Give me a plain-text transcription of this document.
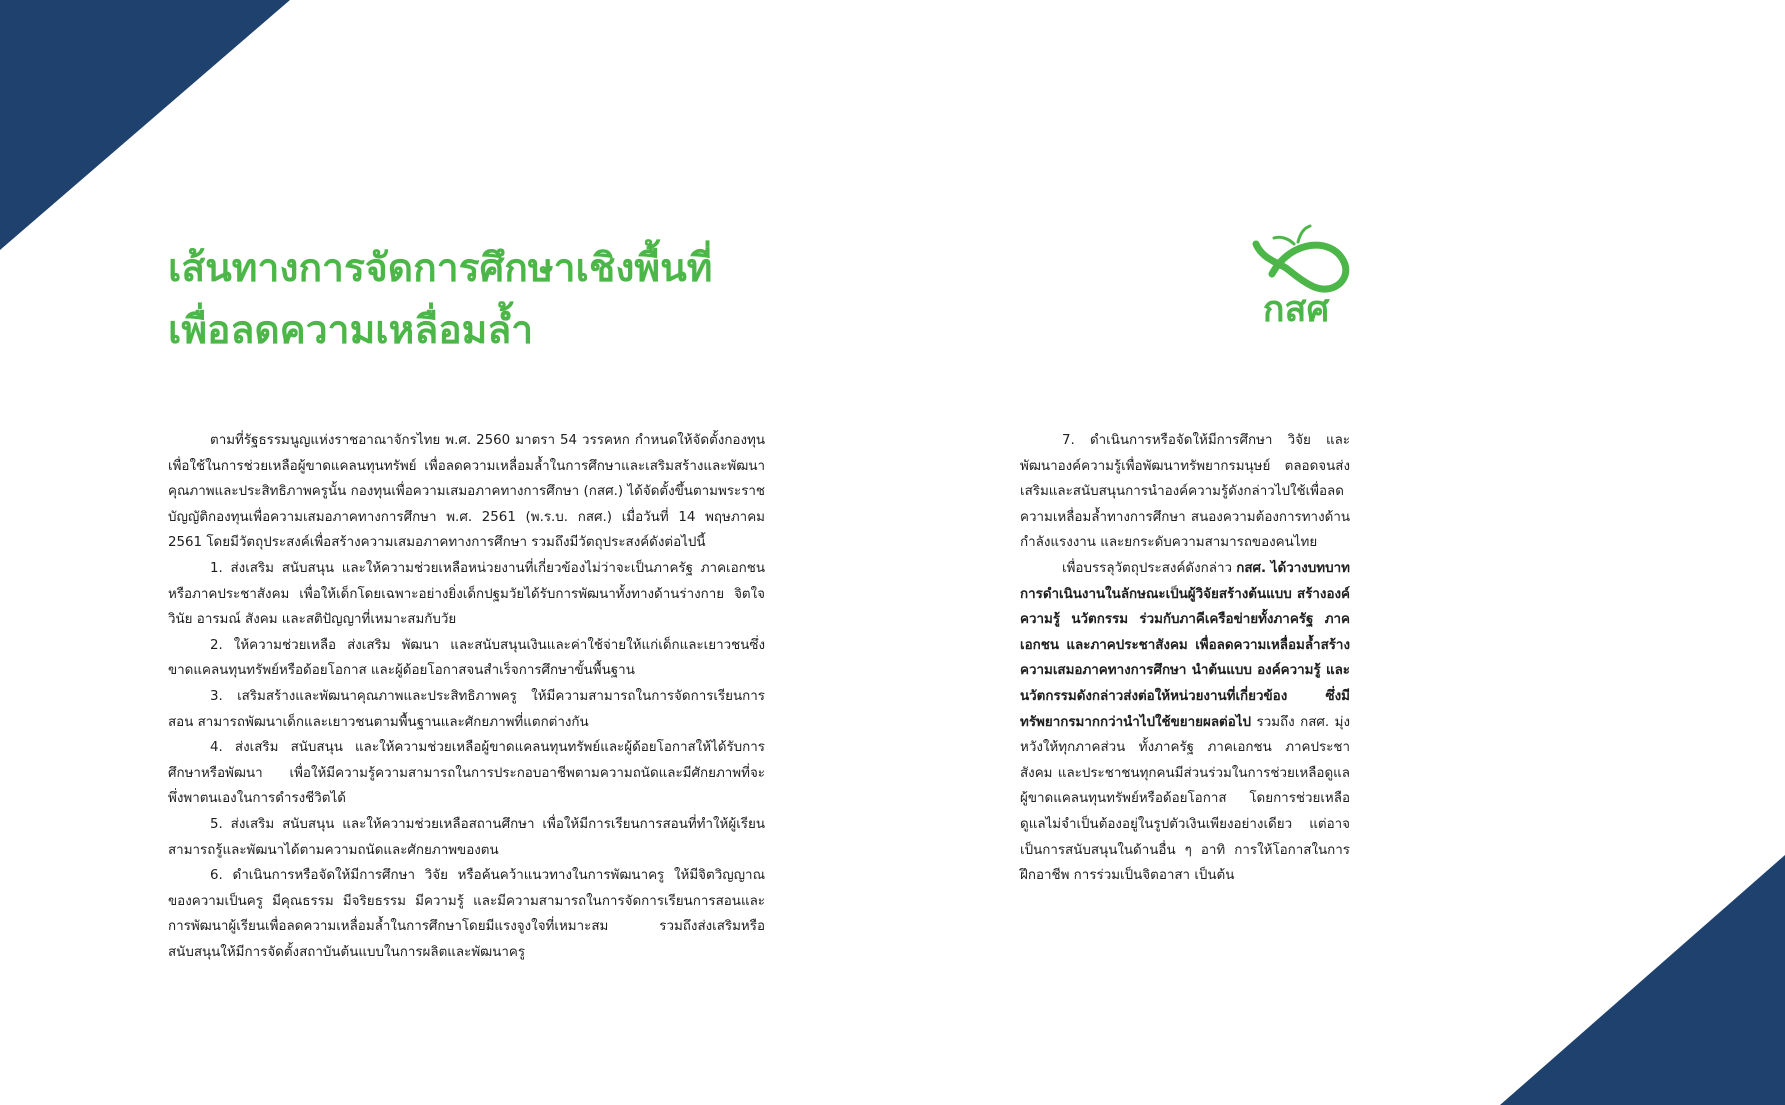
เส้นทางการจัดการศึกษาเชิงพื้นที่
เพื่อลดความเหลื่อมล้ำ	กสศ

ตามที่รัฐธรรมนูญแห่งราชอาณาจักรไทย พ.ศ. 2560 มาตรา 54 วรรคหก กำหนดให้จัดตั้งกองทุนเพื่อใช้ในการช่วยเหลือผู้ขาดแคลนทุนทรัพย์ เพื่อลดความเหลื่อมล้ำในการศึกษาและเสริมสร้างและพัฒนาคุณภาพและประสิทธิภาพครูนั้น กองทุนเพื่อความเสมอภาคทางการศึกษา (กสศ.) ได้จัดตั้งขึ้นตามพระราชบัญญัติกองทุนเพื่อความเสมอภาคทางการศึกษา พ.ศ. 2561 (พ.ร.บ. กสศ.) เมื่อวันที่ 14 พฤษภาคม 2561 โดยมีวัตถุประสงค์เพื่อสร้างความเสมอภาคทางการศึกษา รวมถึงมีวัตถุประสงค์ดังต่อไปนี้

1. ส่งเสริม สนับสนุน และให้ความช่วยเหลือหน่วยงานที่เกี่ยวข้องไม่ว่าจะเป็นภาครัฐ ภาคเอกชน หรือภาคประชาสังคม เพื่อให้เด็กโดยเฉพาะอย่างยิ่งเด็กปฐมวัยได้รับการพัฒนาทั้งทางด้านร่างกาย จิตใจ วินัย อารมณ์ สังคม และสติปัญญาที่เหมาะสมกับวัย

2. ให้ความช่วยเหลือ ส่งเสริม พัฒนา และสนับสนุนเงินและค่าใช้จ่ายให้แก่เด็กและเยาวชนซึ่งขาดแคลนทุนทรัพย์หรือด้อยโอกาส และผู้ด้อยโอกาสจนสำเร็จการศึกษาขั้นพื้นฐาน

3. เสริมสร้างและพัฒนาคุณภาพและประสิทธิภาพครู ให้มีความสามารถในการจัดการเรียนการสอน สามารถพัฒนาเด็กและเยาวชนตามพื้นฐานและศักยภาพที่แตกต่างกัน

4. ส่งเสริม สนับสนุน และให้ความช่วยเหลือผู้ขาดแคลนทุนทรัพย์และผู้ด้อยโอกาสให้ได้รับการศึกษาหรือพัฒนา เพื่อให้มีความรู้ความสามารถในการประกอบอาชีพตามความถนัดและมีศักยภาพที่จะพึ่งพาตนเองในการดำรงชีวิตได้

5. ส่งเสริม สนับสนุน และให้ความช่วยเหลือสถานศึกษา เพื่อให้มีการเรียนการสอนที่ทำให้ผู้เรียนสามารถรู้และพัฒนาได้ตามความถนัดและศักยภาพของตน

6. ดำเนินการหรือจัดให้มีการศึกษา วิจัย หรือค้นคว้าแนวทางในการพัฒนาครู ให้มีจิตวิญญาณของความเป็นครู มีคุณธรรม มีจริยธรรม มีความรู้ และมีความสามารถในการจัดการเรียนการสอนและการพัฒนาผู้เรียนเพื่อลดความเหลื่อมล้ำในการศึกษาโดยมีแรงจูงใจที่เหมาะสม รวมถึงส่งเสริมหรือสนับสนุนให้มีการจัดตั้งสถาบันต้นแบบในการผลิตและพัฒนาครู

7. ดำเนินการหรือจัดให้มีการศึกษา วิจัย และพัฒนาองค์ความรู้เพื่อพัฒนาทรัพยากรมนุษย์ ตลอดจนส่งเสริมและสนับสนุนการนำองค์ความรู้ดังกล่าวไปใช้เพื่อลดความเหลื่อมล้ำทางการศึกษา สนองความต้องการทางด้านกำลังแรงงาน และยกระดับความสามารถของคนไทย

เพื่อบรรลุวัตถุประสงค์ดังกล่าว กสศ. ได้วางบทบาทการดำเนินงานในลักษณะเป็นผู้วิจัยสร้างต้นแบบ สร้างองค์ความรู้ นวัตกรรม ร่วมกับภาคีเครือข่ายทั้งภาครัฐ ภาคเอกชน และภาคประชาสังคม เพื่อลดความเหลื่อมล้ำสร้างความเสมอภาคทางการศึกษา นำต้นแบบ องค์ความรู้ และนวัตกรรมดังกล่าวส่งต่อให้หน่วยงานที่เกี่ยวข้อง ซึ่งมีทรัพยากรมากกว่านำไปใช้ขยายผลต่อไป รวมถึง กสศ. มุ่งหวังให้ทุกภาคส่วน ทั้งภาครัฐ ภาคเอกชน ภาคประชาสังคม และประชาชนทุกคนมีส่วนร่วมในการช่วยเหลือดูแลผู้ขาดแคลนทุนทรัพย์หรือด้อยโอกาส โดยการช่วยเหลือดูแลไม่จำเป็นต้องอยู่ในรูปตัวเงินเพียงอย่างเดียว แต่อาจเป็นการสนับสนุนในด้านอื่น ๆ อาทิ การให้โอกาสในการฝึกอาชีพ การร่วมเป็นจิตอาสา เป็นต้น
